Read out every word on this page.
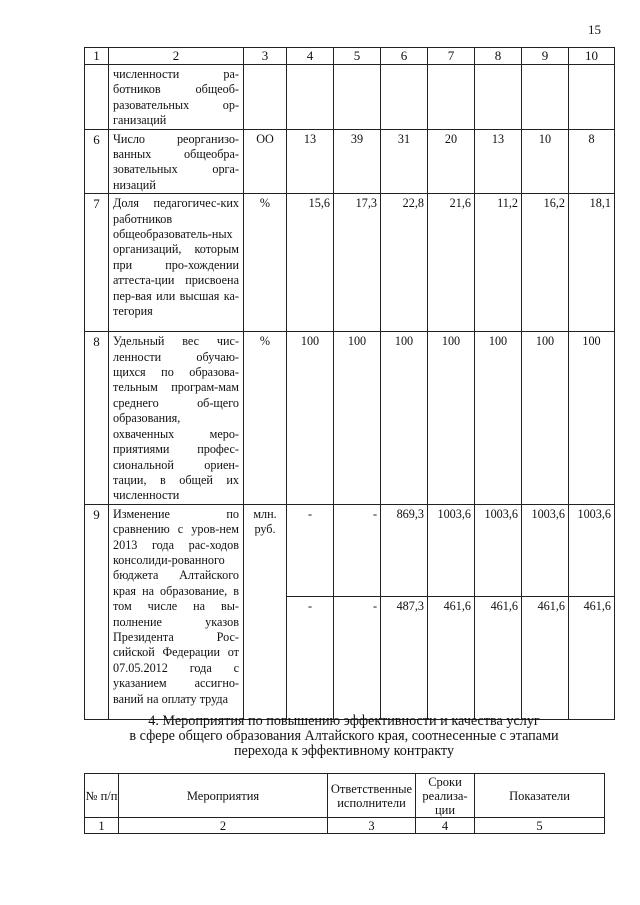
15
1	2	3	4	5	6	7	8	9	10
	численности ра-ботников общеоб-разовательных ор-ганизаций								
6	Число реорганизо-ванных общеобра-зовательных орга-низаций	ОО	13	39	31	20	13	10	8
7	Доля педагогичес-ких работников общеобразователь-ных организаций, которым при про-хождении аттеста-ции присвоена пер-вая или высшая ка-тегория	%	15,6	17,3	22,8	21,6	11,2	16,2	18,1
8	Удельный вес чис-ленности обучаю-щихся по образова-тельным програм-мам среднего об-щего образования, охваченных меро-приятиями профес-сиональной ориен-тации, в общей их численности	%	100	100	100	100	100	100	100
9	Изменение по сравнению с уров-нем 2013 года рас-ходов консолиди-рованного бюджета Алтайского края на образование, в том числе на вы-полнение указов Президента Рос-сийской Федерации от 07.05.2012 года с указанием ассигно-ваний на оплату труда	млн. руб.	-	-	869,3	1003,6	1003,6	1003,6	1003,6
			-	-	487,3	461,6	461,6	461,6	461,6
4. Мероприятия по повышению эффективности и качества услуг
в сфере общего образования Алтайского края, соотнесенные с этапами
перехода к эффективному контракту
№ п/п	Мероприятия	Ответственные исполнители	Сроки реализа-ции	Показатели
1	2	3	4	5
